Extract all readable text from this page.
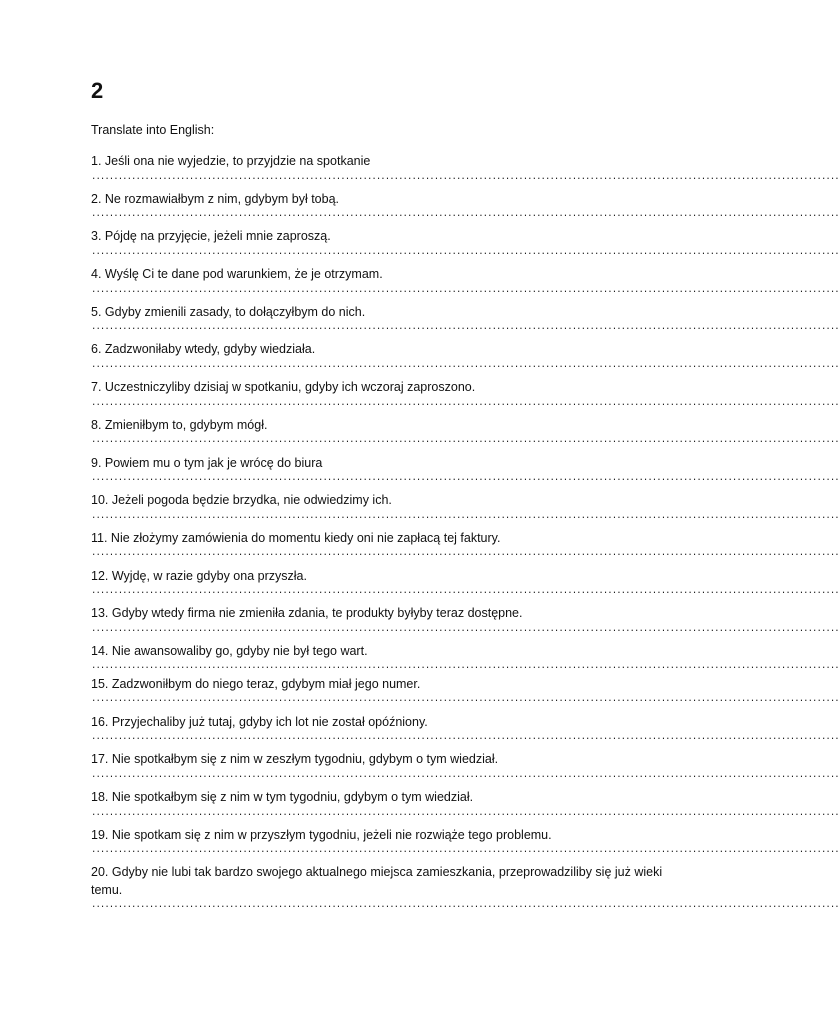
2

Translate into English:

1. Jeśli ona nie wyjedzie, to przyjdzie na spotkanie
........................................................................................................................................................................
2. Ne rozmawiałbym z nim, gdybym był tobą.
........................................................................................................................................................................
3. Pójdę na przyjęcie, jeżeli mnie zaproszą.
........................................................................................................................................................................
4. Wyślę Ci te dane pod warunkiem, że je otrzymam.
........................................................................................................................................................................
5. Gdyby zmienili zasady, to dołączyłbym do nich.
........................................................................................................................................................................
6. Zadzwoniłaby wtedy, gdyby wiedziała.
........................................................................................................................................................................
7. Uczestniczyliby dzisiaj w spotkaniu, gdyby ich wczoraj zaproszono.
........................................................................................................................................................................
8. Zmieniłbym to, gdybym mógł.
........................................................................................................................................................................
9. Powiem mu o tym jak je wrócę do biura
........................................................................................................................................................................
10. Jeżeli pogoda będzie brzydka, nie odwiedzimy ich.
........................................................................................................................................................................
11. Nie złożymy zamówienia do momentu kiedy oni nie zapłacą tej faktury.
........................................................................................................................................................................
12. Wyjdę, w razie gdyby ona przyszła.
........................................................................................................................................................................
13. Gdyby wtedy firma nie zmieniła zdania, te produkty byłyby teraz dostępne.
........................................................................................................................................................................
14. Nie awansowaliby go, gdyby nie był tego wart.
........................................................................................................................................................................
15. Zadzwoniłbym do niego teraz, gdybym miał jego numer.
........................................................................................................................................................................
16. Przyjechaliby już tutaj, gdyby ich lot nie został opóźniony.
........................................................................................................................................................................
17. Nie spotkałbym się z nim w zeszłym tygodniu, gdybym o tym wiedział.
........................................................................................................................................................................
18. Nie spotkałbym się z nim w tym tygodniu, gdybym o tym wiedział.
........................................................................................................................................................................
19. Nie spotkam się z nim w przyszłym tygodniu, jeżeli nie rozwiąże tego problemu.
........................................................................................................................................................................
20. Gdyby nie lubi tak bardzo swojego aktualnego miejsca zamieszkania, przeprowadziliby się już wieki temu.
........................................................................................................................................................................
